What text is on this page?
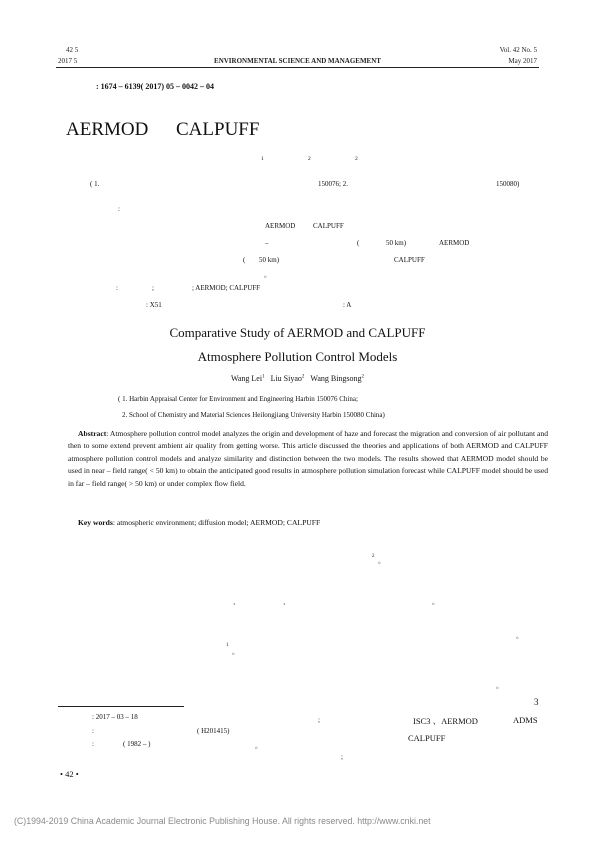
42 5
2017 5	ENVIRONMENTAL SCIENCE AND MANAGEMENT
Vol. 42 No. 5
May 2017
: 1674 – 6139( 2017) 05 – 0042 – 04
AERMOD CALPUFF
1	2	2
( 1.	150076; 2.	150080)
:
AERMOD	CALPUFF
–	(	50 km)	AERMOD
( 50 km)	CALPUFF
。
:	;	; AERMOD; CALPUFF
: X51	: A
Comparative Study of AERMOD and CALPUFF
Atmosphere Pollution Control Models
Wang Lei$^1$ Liu Siyao$^2$ Wang Bingsong$^2$
( 1. Harbin Appraisal Center for Environment and Engineering Harbin 150076 China;
2. School of Chemistry and Material Sciences Heilongjiang University Harbin 150080 China)
Abstract: Atmosphere pollution control model analyzes the origin and development of haze and forecast the migration and conversion of air pollutant and then to some extend prevent ambient air quality from getting worse. This article discussed the theories and applications of both AERMOD and CALPUFF atmosphere pollution control models and analyze similarity and distinction between the two models. The results showed that AERMOD model should be used in near – field range( < 50 km) to obtain the anticipated good results in atmosphere pollution simulation forecast while CALPUFF model should be used in far – field range( > 50 km) or under complex flow field.
Key words: atmospheric environment; diffusion model; AERMOD; CALPUFF
2
。
、	、	。
。
1
。
。
3
;	ISC3 、AERMOD	ADMS
CALPUFF
;
: 2017 – 03 – 18
:	( H201415)
:	( 1982 – )	。
• 42 •
(C)1994-2019 China Academic Journal Electronic Publishing House. All rights reserved. http://www.cnki.net
